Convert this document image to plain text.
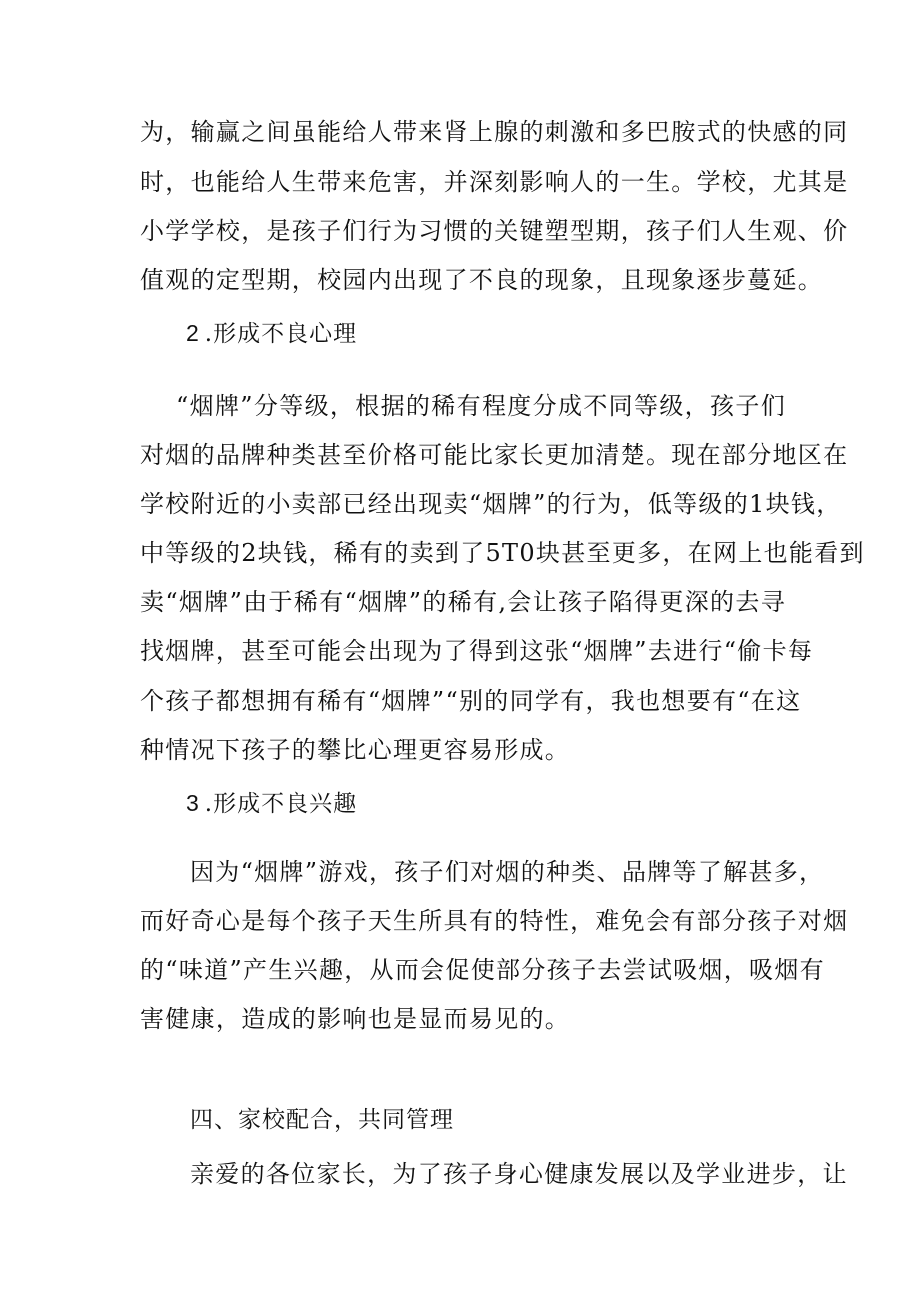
为，输赢之间虽能给人带来肾上腺的刺激和多巴胺式的快感的同
时，也能给人生带来危害，并深刻影响人的一生。学校，尤其是
小学学校，是孩子们行为习惯的关键塑型期，孩子们人生观、价
值观的定型期，校园内出现了不良的现象，且现象逐步蔓延。
2.形成不良心理
“烟牌”分等级，根据的稀有程度分成不同等级，孩子们
对烟的品牌种类甚至价格可能比家长更加清楚。现在部分地区在
学校附近的小卖部已经出现卖“烟牌”的行为，低等级的1块钱，
中等级的2块钱，稀有的卖到了5T0块甚至更多，在网上也能看到
卖“烟牌”由于稀有“烟牌”的稀有,会让孩子陷得更深的去寻
找烟牌，甚至可能会出现为了得到这张“烟牌”去进行“偷卡每
个孩子都想拥有稀有“烟牌”“别的同学有，我也想要有“在这
种情况下孩子的攀比心理更容易形成。
3.形成不良兴趣
因为“烟牌”游戏，孩子们对烟的种类、品牌等了解甚多，
而好奇心是每个孩子天生所具有的特性，难免会有部分孩子对烟
的“味道”产生兴趣，从而会促使部分孩子去尝试吸烟，吸烟有
害健康，造成的影响也是显而易见的。
四、家校配合，共同管理
亲爱的各位家长，为了孩子身心健康发展以及学业进步，让
